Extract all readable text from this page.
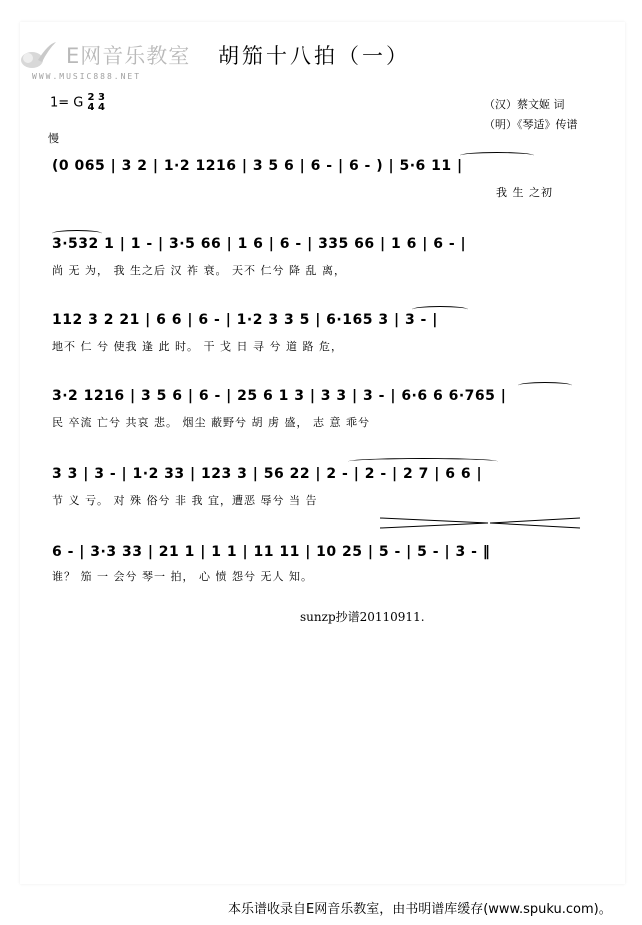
E网音乐教室
WWW.MUSIC888.NET
胡笳十八拍（一）
1= G 2 3
4 4	（汉）蔡文姬 词
（明）《琴适》传谱
慢
(0 065 | 3 2 | 1·2 1216 | 3 5 6 | 6 - | 6 - ) | 5·6 11 |
我 生 之初
3·532 1 | 1 - | 3·5 66 | 1 6 | 6 - | 335 66 | 1 6 | 6 - |
尚 无 为， 我 生之后 汉 祚 衰。 天不 仁兮 降 乱 离，
112 3 2 21 | 6 6 | 6 - | 1·2 3 3 5 | 6·165 3 | 3 - |
地不 仁 兮 使我 逢 此 时。 干 戈 日 寻 兮 道 路 危，
3·2 1216 | 3 5 6 | 6 - | 25 6 1 3 | 3 3 | 3 - | 6·6 6 6·765 |
民 卒流 亡兮 共哀 悲。 烟尘 蔽野兮 胡 虏 盛， 志 意 乖兮
3 3 | 3 - | 1·2 33 | 123 3 | 56 22 | 2 - | 2 - | 2 7 | 6 6 |
节 义 亏。 对 殊 俗兮 非 我 宜，遭恶 辱兮 当 告
6 - | 3·3 33 | 21 1 | 1 1 | 11 11 | 10 25 | 5 - | 5 - | 3 - ‖
谁？ 笳 一 会兮 琴一 拍， 心 愤 怨兮 无人 知。
sunzp抄谱20110911.
本乐谱收录自E网音乐教室，由书明谱库缓存(www.spuku.com)。
